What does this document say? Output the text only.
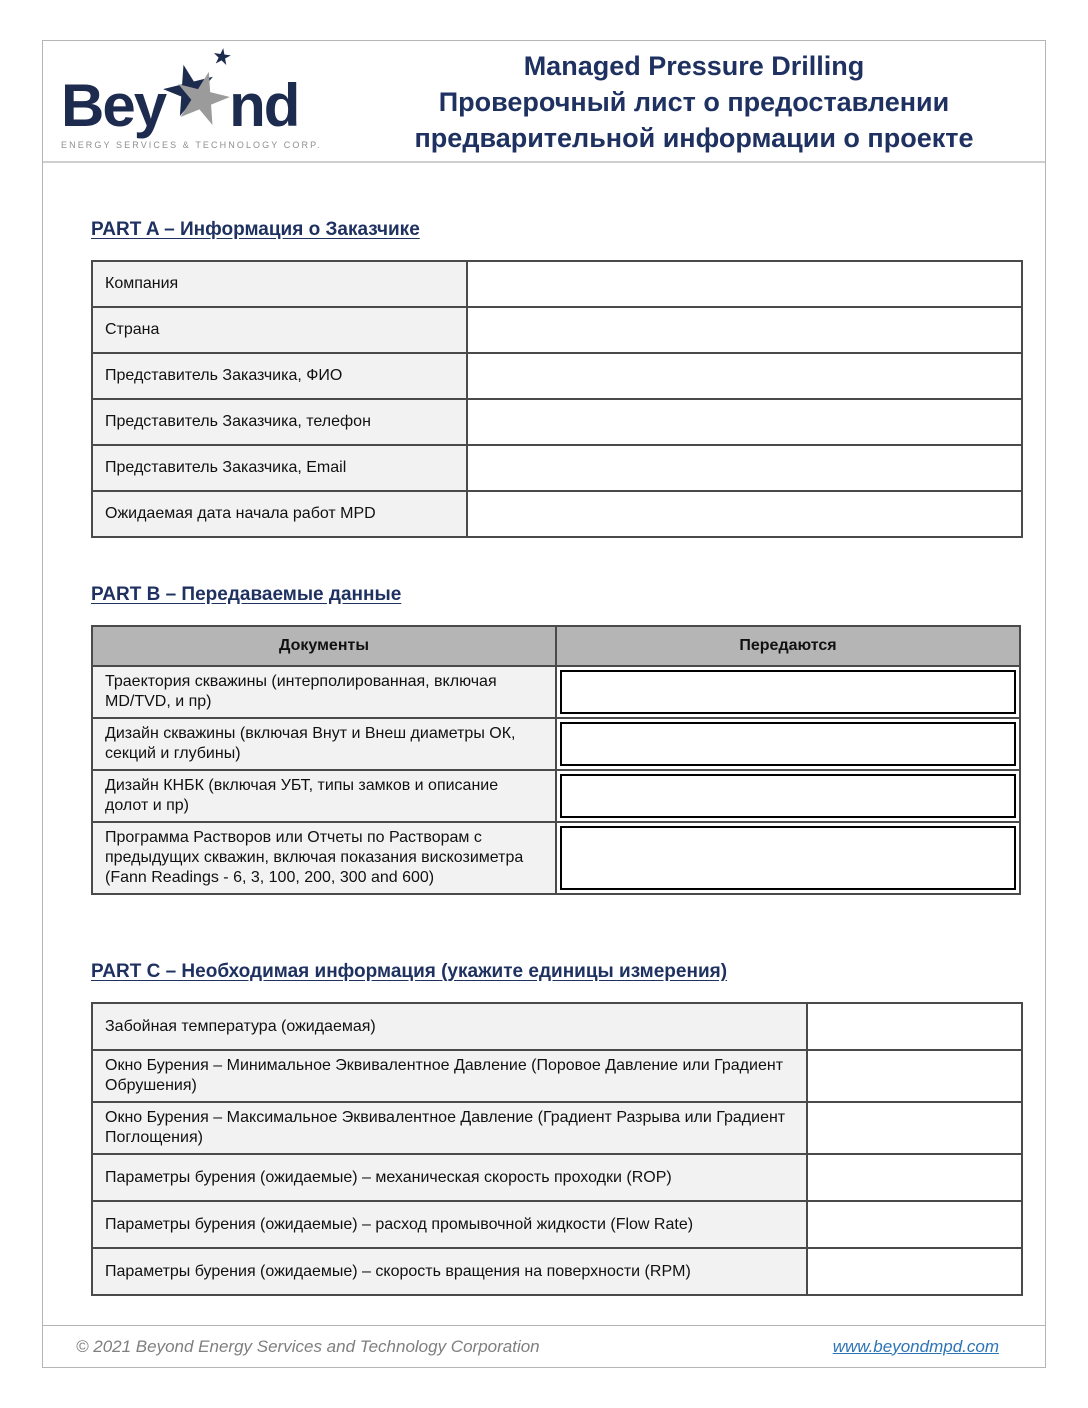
Bey nd
ENERGY SERVICES & TECHNOLOGY CORP.
Managed Pressure Drilling
Проверочный лист о предоставлении
предварительной информации о проекте
PART A – Информация о Заказчике
Компания	
Страна	
Представитель Заказчика, ФИО	
Представитель Заказчика, телефон	
Представитель Заказчика, Email	
Ожидаемая дата начала работ MPD	
PART B – Передаваемые данные
Документы	Передаются
Траектория скважины (интерполированная, включая MD/TVD, и пр)	

Дизайн скважины (включая Внут и Внеш диаметры ОК, секций и глубины)	

Дизайн КНБК (включая УБТ, типы замков и описание долот и пр)	

Программа Растворов или Отчеты по Растворам с предыдущих скважин, включая показания вискозиметра (Fann Readings - 6, 3, 100, 200, 300 and 600)	
PART C – Необходимая информация (укажите единицы измерения)
Забойная температура (ожидаемая)	
Окно Бурения – Минимальное Эквивалентное Давление (Поровое Давление или Градиент Обрушения)	
Окно Бурения – Максимальное Эквивалентное Давление (Градиент Разрыва или Градиент Поглощения)	
Параметры бурения (ожидаемые) – механическая скорость проходки (ROP)	
Параметры бурения (ожидаемые) – расход промывочной жидкости (Flow Rate)	
Параметры бурения (ожидаемые) – скорость вращения на поверхности (RPM)	
© 2021 Beyond Energy Services and Technology Corporation	www.beyondmpd.com
